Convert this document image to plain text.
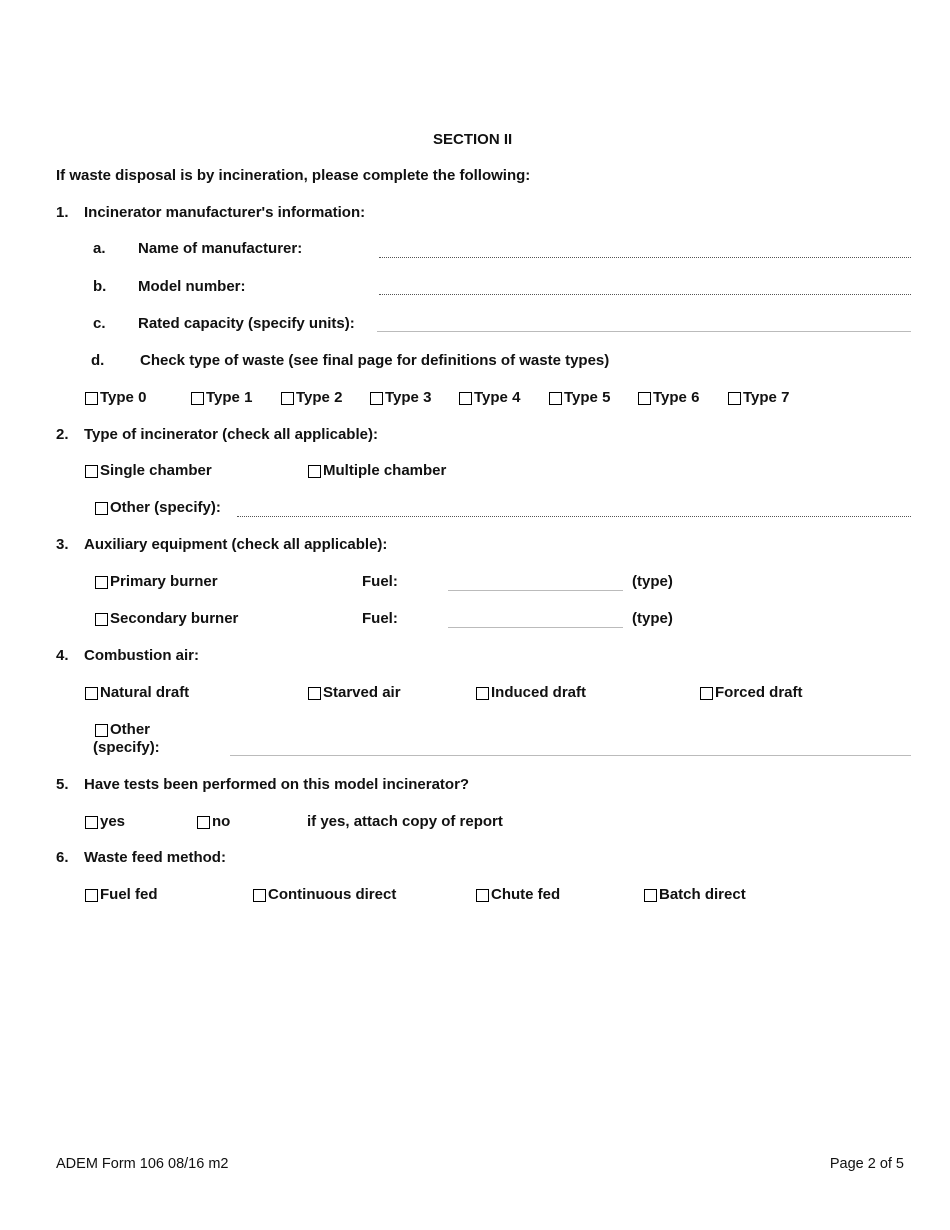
SECTION II
If waste disposal is by incineration, please complete the following:
1. Incinerator manufacturer's information:
a. Name of manufacturer:
b. Model number:
c. Rated capacity (specify units):
d. Check type of waste (see final page for definitions of waste types)
Type 0	Type 1	Type 2	Type 3	Type 4	Type 5	Type 6	Type 7
2. Type of incinerator (check all applicable):
Single chamber	Multiple chamber
Other (specify):
3. Auxiliary equipment (check all applicable):
Primary burner	Fuel:	(type)
Secondary burner	Fuel:	(type)
4. Combustion air:
Natural draft	Starved air	Induced draft	Forced draft
Other
(specify):
5. Have tests been performed on this model incinerator?
yes	no	if yes, attach copy of report
6. Waste feed method:
Fuel fed	Continuous direct	Chute fed	Batch direct
ADEM Form 106 08/16 m2	Page 2 of 5
